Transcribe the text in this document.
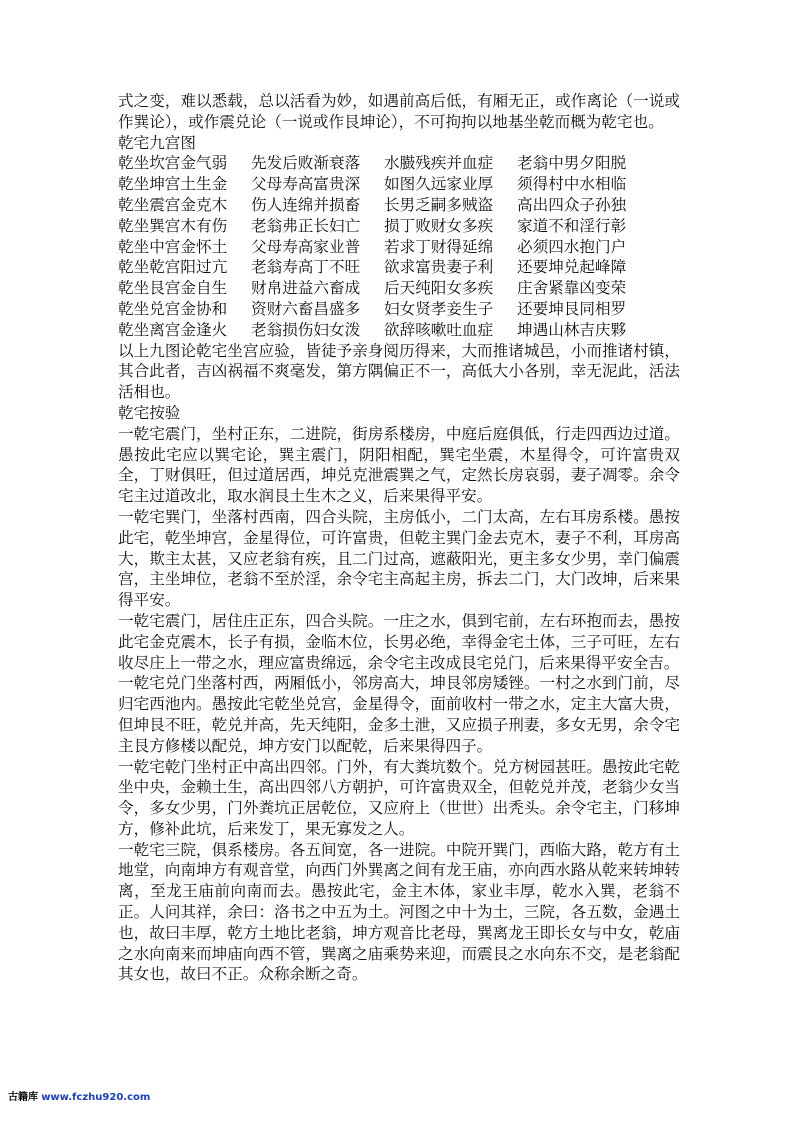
式之变，难以悉载，总以活看为妙，如遇前高后低，有厢无正，或作离论（一说或作巽论），或作震兑论（一说或作艮坤论），不可拘拘以地基坐乾而概为乾宅也。

乾宅九宫图

乾坐坎宫金气弱	先发后败渐衰落	水臌残疾并血症	老翁中男夕阳脱
乾坐坤宫土生金	父母寿高富贵深	如图久远家业厚	须得村中水相临
乾坐震宫金克木	伤人连绵并损畜	长男乏嗣多贼盗	高出四众子孙独
乾坐巽宫木有伤	老翁弗正长妇亡	损丁败财女多疾	家道不和淫行彰
乾坐中宫金怀土	父母寿高家业普	若求丁财得延绵	必须四水抱门户
乾坐乾宫阳过亢	老翁寿高丁不旺	欲求富贵妻子利	还要坤兑起峰障
乾坐艮宫金自生	财帛进益六畜成	后天纯阳女多疾	庄舍紧靠凶变荣
乾坐兑宫金协和	资财六畜昌盛多	妇女贤孝妾生子	还要坤艮同相罗
乾坐离宫金逢火	老翁损伤妇女泼	欲辞咳嗽吐血症	坤遇山林吉庆夥

以上九图论乾宅坐宫应验，皆徒予亲身阅历得来，大而推诸城邑，小而推诸村镇，其合此者，吉凶祸福不爽毫发，第方隅偏正不一，高低大小各别，幸无泥此，活法活相也。

乾宅按验

一乾宅震门，坐村正东，二进院，街房系楼房，中庭后庭俱低，行走四西边过道。愚按此宅应以巽宅论，巽主震门，阴阳相配，巽宅坐震，木星得令，可许富贵双全，丁财俱旺，但过道居西，坤兑克泄震巽之气，定然长房哀弱，妻子凋零。余令宅主过道改北，取水润艮土生木之义，后来果得平安。

一乾宅巽门，坐落村西南，四合头院，主房低小，二门太高，左右耳房系楼。愚按此宅，乾坐坤宫，金星得位，可许富贵，但乾主巽门金去克木，妻子不利，耳房高大，欺主太甚，又应老翁有疾，且二门过高，遮蔽阳光，更主多女少男，幸门偏震宫，主坐坤位，老翁不至於淫，余令宅主高起主房，拆去二门，大门改坤，后来果得平安。

一乾宅震门，居住庄正东，四合头院。一庄之水，俱到宅前，左右环抱而去，愚按此宅金克震木，长子有损，金临木位，长男必绝，幸得金宅土体，三子可旺，左右收尽庄上一带之水，理应富贵绵远，余令宅主改成艮宅兑门，后来果得平安全吉。

一乾宅兑门坐落村西，两厢低小，邻房高大，坤艮邻房矮锉。一村之水到门前，尽归宅西池内。愚按此宅乾坐兑宫，金星得令，面前收村一带之水，定主大富大贵，但坤艮不旺，乾兑并高，先天纯阳，金多土泄，又应损子刑妻，多女无男，余令宅主艮方修楼以配兑，坤方安门以配乾，后来果得四子。

一乾宅乾门坐村正中高出四邻。门外，有大粪坑数个。兑方树园甚旺。愚按此宅乾坐中央，金赖土生，高出四邻八方朝护，可许富贵双全，但乾兑并茂，老翁少女当令，多女少男，门外粪坑正居乾位，又应府上（世世）出秃头。余令宅主，门移坤方，修补此坑，后来发丁，果无寡发之人。

一乾宅三院，俱系楼房。各五间宽，各一进院。中院开巽门，西临大路，乾方有土地堂，向南坤方有观音堂，向西门外巽离之间有龙王庙，亦向西水路从乾来转坤转离，至龙王庙前向南而去。愚按此宅，金主木体，家业丰厚，乾水入巽，老翁不正。人问其祥，余曰：洛书之中五为土。河图之中十为土，三院，各五数，金遇土也，故曰丰厚，乾方土地比老翁，坤方观音比老母，巽离龙王即长女与中女，乾庙之水向南来而坤庙向西不管，巽离之庙乘势来迎，而震艮之水向东不交，是老翁配其女也，故曰不正。众称余断之奇。

古籍库 www.fczhu920.com
